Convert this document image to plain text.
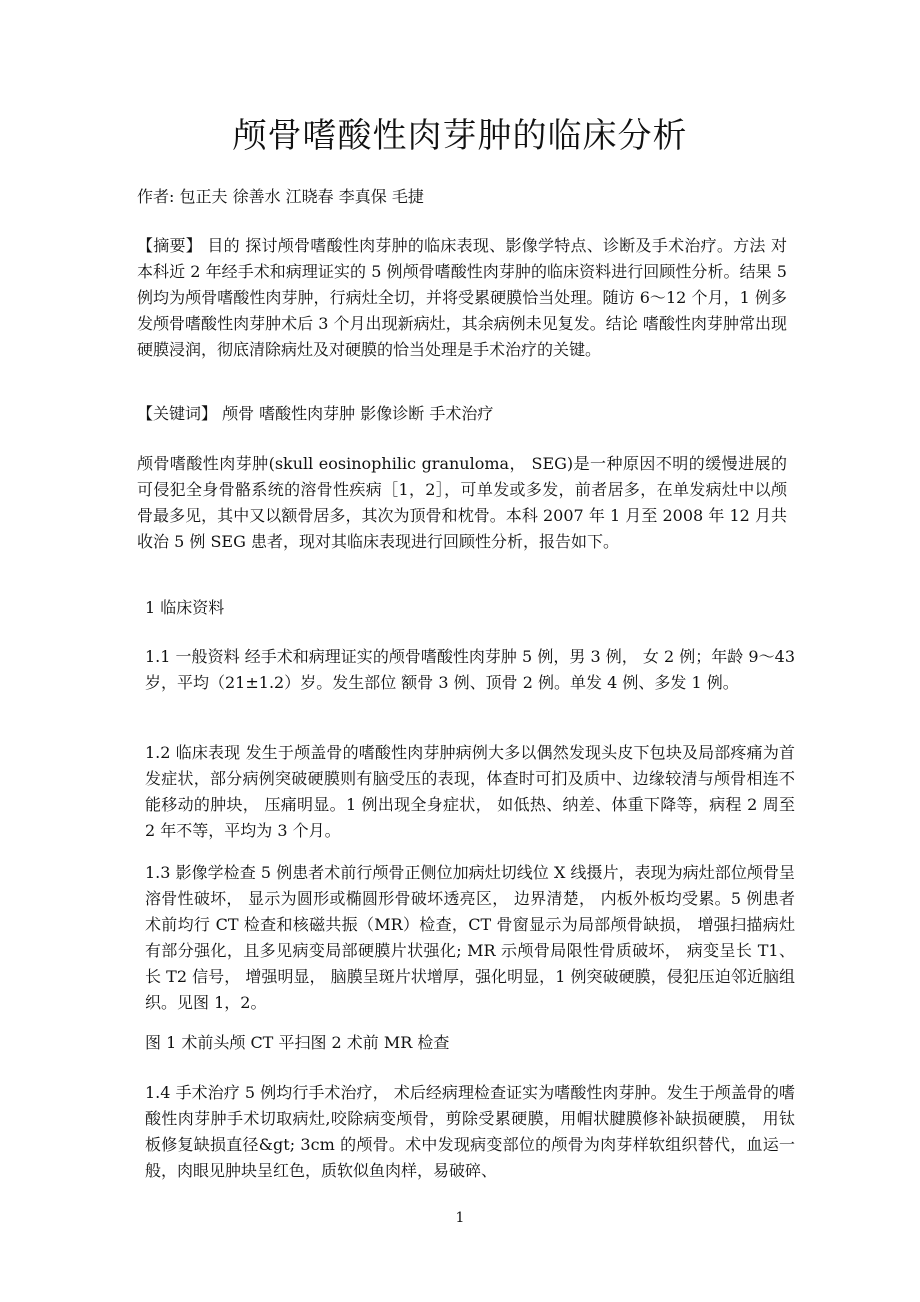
颅骨嗜酸性肉芽肿的临床分析
作者: 包正夫 徐善水 江晓春 李真保 毛捷

【摘要】 目的 探讨颅骨嗜酸性肉芽肿的临床表现、影像学特点、诊断及手术治疗。方法 对本科近 2 年经手术和病理证实的 5 例颅骨嗜酸性肉芽肿的临床资料进行回顾性分析。结果 5 例均为颅骨嗜酸性肉芽肿，行病灶全切，并将受累硬膜恰当处理。随访 6～12 个月，1 例多发颅骨嗜酸性肉芽肿术后 3 个月出现新病灶，其余病例未见复发。结论 嗜酸性肉芽肿常出现硬膜浸润，彻底清除病灶及对硬膜的恰当处理是手术治疗的关键。

【关键词】 颅骨 嗜酸性肉芽肿 影像诊断 手术治疗

颅骨嗜酸性肉芽肿(skull eosinophilic granuloma， SEG)是一种原因不明的缓慢进展的可侵犯全身骨骼系统的溶骨性疾病［1，2］，可单发或多发，前者居多，在单发病灶中以颅骨最多见，其中又以额骨居多，其次为顶骨和枕骨。本科 2007 年 1 月至 2008 年 12 月共收治 5 例 SEG 患者，现对其临床表现进行回顾性分析，报告如下。

1 临床资料

1.1 一般资料 经手术和病理证实的颅骨嗜酸性肉芽肿 5 例，男 3 例， 女 2 例；年龄 9～43 岁，平均（21±1.2）岁。发生部位 额骨 3 例、顶骨 2 例。单发 4 例、多发 1 例。

1.2 临床表现 发生于颅盖骨的嗜酸性肉芽肿病例大多以偶然发现头皮下包块及局部疼痛为首发症状，部分病例突破硬膜则有脑受压的表现，体查时可扪及质中、边缘较清与颅骨相连不能移动的肿块， 压痛明显。1 例出现全身症状， 如低热、纳差、体重下降等，病程 2 周至 2 年不等，平均为 3 个月。

1.3 影像学检查 5 例患者术前行颅骨正侧位加病灶切线位 X 线摄片，表现为病灶部位颅骨呈溶骨性破坏， 显示为圆形或椭圆形骨破坏透亮区， 边界清楚， 内板外板均受累。5 例患者术前均行 CT 检查和核磁共振（MR）检查，CT 骨窗显示为局部颅骨缺损， 增强扫描病灶有部分强化，且多见病变局部硬膜片状强化; MR 示颅骨局限性骨质破坏， 病变呈长 T1、长 T2 信号， 增强明显， 脑膜呈斑片状增厚，强化明显，1 例突破硬膜，侵犯压迫邻近脑组织。见图 1，2。

图 1 术前头颅 CT 平扫图 2 术前 MR 检查

1.4 手术治疗 5 例均行手术治疗， 术后经病理检查证实为嗜酸性肉芽肿。发生于颅盖骨的嗜酸性肉芽肿手术切取病灶,咬除病变颅骨，剪除受累硬膜，用帽状腱膜修补缺损硬膜， 用钛板修复缺损直径&gt; 3cm 的颅骨。术中发现病变部位的颅骨为肉芽样软组织替代，血运一般，肉眼见肿块呈红色，质软似鱼肉样，易破碎、

1
